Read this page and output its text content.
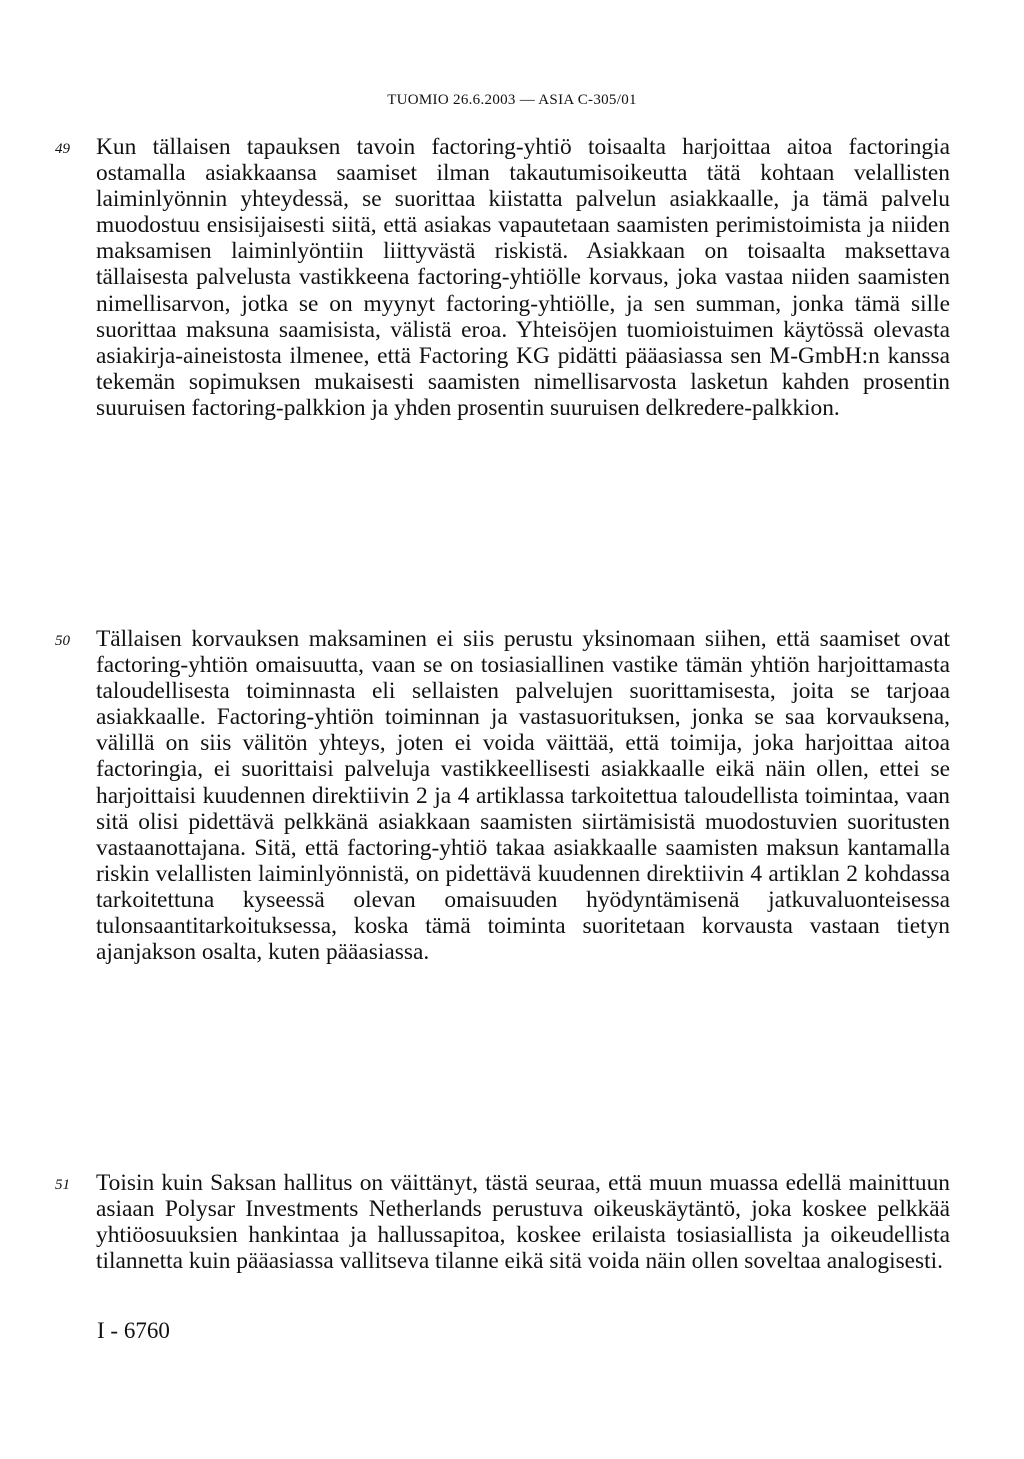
TUOMIO 26.6.2003 — ASIA C-305/01
49 Kun tällaisen tapauksen tavoin factoring-yhtiö toisaalta harjoittaa aitoa factoringia ostamalla asiakkaansa saamiset ilman takautumisoikeutta tätä kohtaan velallisten laiminlyönnin yhteydessä, se suorittaa kiistatta palvelun asiakkaalle, ja tämä palvelu muodostuu ensisijaisesti siitä, että asiakas vapautetaan saamisten perimistoimista ja niiden maksamisen laiminlyöntiin liittyvästä riskistä. Asiakkaan on toisaalta maksettava tällaisesta palvelusta vastikkeena factoring-yhtiölle korvaus, joka vastaa niiden saamisten nimellisarvon, jotka se on myynyt factoring-yhtiölle, ja sen summan, jonka tämä sille suorittaa maksuna saamisista, välistä eroa. Yhteisöjen tuomioistuimen käytössä olevasta asiakirja-aineistosta ilmenee, että Factoring KG pidätti pääasiassa sen M-GmbH:n kanssa tekemän sopimuksen mukaisesti saamisten nimellisarvosta lasketun kahden prosentin suuruisen factoring-palkkion ja yhden prosentin suuruisen delkredere-palkkion.
50 Tällaisen korvauksen maksaminen ei siis perustu yksinomaan siihen, että saamiset ovat factoring-yhtiön omaisuutta, vaan se on tosiasiallinen vastike tämän yhtiön harjoittamasta taloudellisesta toiminnasta eli sellaisten palvelujen suorittamisesta, joita se tarjoaa asiakkaalle. Factoring-yhtiön toiminnan ja vastasuorituksen, jonka se saa korvauksena, välillä on siis välitön yhteys, joten ei voida väittää, että toimija, joka harjoittaa aitoa factoringia, ei suorittaisi palveluja vastikkeellisesti asiakkaalle eikä näin ollen, ettei se harjoittaisi kuudennen direktiivin 2 ja 4 artiklassa tarkoitettua taloudellista toimintaa, vaan sitä olisi pidettävä pelkkänä asiakkaan saamisten siirtämisistä muodostuvien suoritusten vastaanottajana. Sitä, että factoring-yhtiö takaa asiakkaalle saamisten maksun kantamalla riskin velallisten laiminlyönnistä, on pidettävä kuudennen direktiivin 4 artiklan 2 kohdassa tarkoitettuna kyseessä olevan omaisuuden hyödyntämisenä jatkuvaluonteisessa tulonsaantitarkoituksessa, koska tämä toiminta suoritetaan korvausta vastaan tietyn ajanjakson osalta, kuten pääasiassa.
51 Toisin kuin Saksan hallitus on väittänyt, tästä seuraa, että muun muassa edellä mainittuun asiaan Polysar Investments Netherlands perustuva oikeuskäytäntö, joka koskee pelkkää yhtiöosuuksien hankintaa ja hallussapitoa, koskee erilaista tosiasiallista ja oikeudellista tilannetta kuin pääasiassa vallitseva tilanne eikä sitä voida näin ollen soveltaa analogisesti.
I - 6760
